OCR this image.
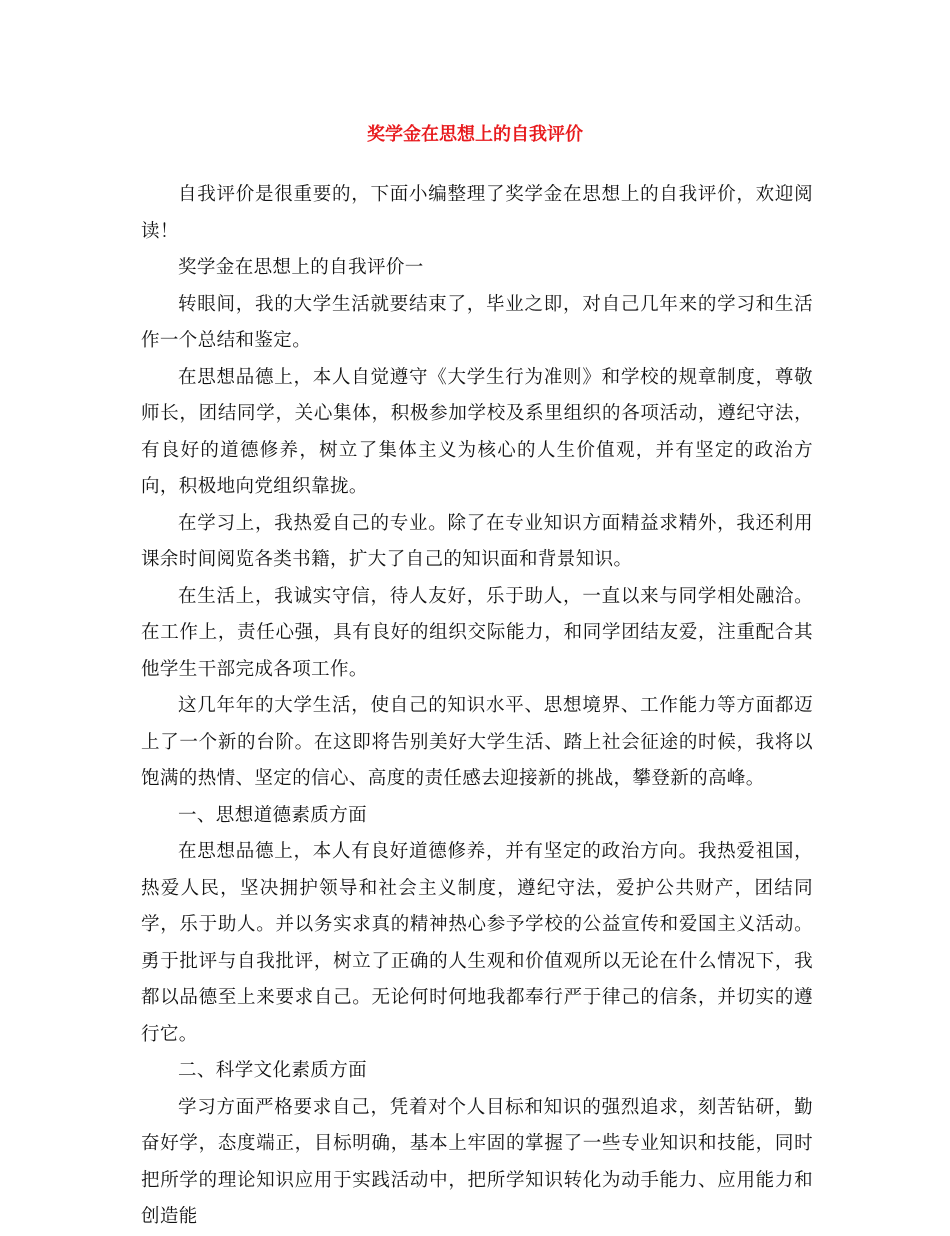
奖学金在思想上的自我评价

自我评价是很重要的，下面小编整理了奖学金在思想上的自我评价，欢迎阅读！

奖学金在思想上的自我评价一

转眼间，我的大学生活就要结束了，毕业之即，对自己几年来的学习和生活作一个总结和鉴定。

在思想品德上，本人自觉遵守《大学生行为准则》和学校的规章制度，尊敬师长，团结同学，关心集体，积极参加学校及系里组织的各项活动，遵纪守法，有良好的道德修养，树立了集体主义为核心的人生价值观，并有坚定的政治方向，积极地向党组织靠拢。

在学习上，我热爱自己的专业。除了在专业知识方面精益求精外，我还利用课余时间阅览各类书籍，扩大了自己的知识面和背景知识。

在生活上，我诚实守信，待人友好，乐于助人，一直以来与同学相处融洽。在工作上，责任心强，具有良好的组织交际能力，和同学团结友爱，注重配合其他学生干部完成各项工作。

这几年年的大学生活，使自己的知识水平、思想境界、工作能力等方面都迈上了一个新的台阶。在这即将告别美好大学生活、踏上社会征途的时候，我将以饱满的热情、坚定的信心、高度的责任感去迎接新的挑战，攀登新的高峰。

一、思想道德素质方面

在思想品德上，本人有良好道德修养，并有坚定的政治方向。我热爱祖国，热爱人民，坚决拥护领导和社会主义制度，遵纪守法，爱护公共财产，团结同学，乐于助人。并以务实求真的精神热心参予学校的公益宣传和爱国主义活动。 勇于批评与自我批评，树立了正确的人生观和价值观所以无论在什么情况下，我都以品德至上来要求自己。无论何时何地我都奉行严于律己的信条，并切实的遵行它。

二、科学文化素质方面

学习方面严格要求自己，凭着对个人目标和知识的强烈追求，刻苦钻研，勤奋好学，态度端正，目标明确，基本上牢固的掌握了一些专业知识和技能，同时把所学的理论知识应用于实践活动中，把所学知识转化为动手能力、应用能力和创造能
